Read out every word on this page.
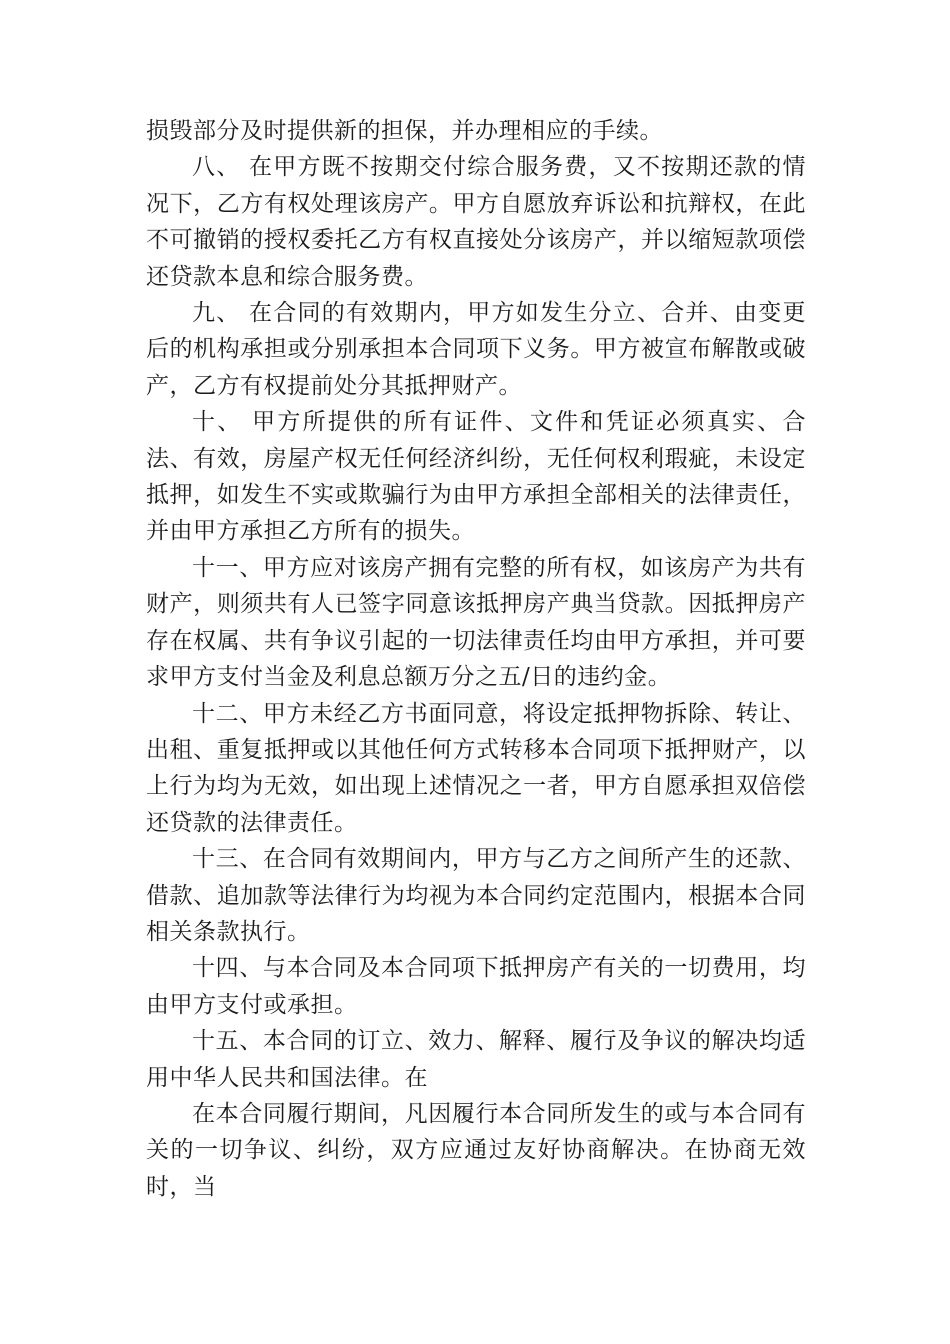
损毁部分及时提供新的担保，并办理相应的手续。

八、 在甲方既不按期交付综合服务费，又不按期还款的情况下，乙方有权处理该房产。甲方自愿放弃诉讼和抗辩权，在此不可撤销的授权委托乙方有权直接处分该房产，并以缩短款项偿还贷款本息和综合服务费。

九、 在合同的有效期内，甲方如发生分立、合并、由变更后的机构承担或分别承担本合同项下义务。甲方被宣布解散或破产，乙方有权提前处分其抵押财产。

十、 甲方所提供的所有证件、文件和凭证必须真实、合法、有效，房屋产权无任何经济纠纷，无任何权利瑕疵，未设定抵押，如发生不实或欺骗行为由甲方承担全部相关的法律责任，并由甲方承担乙方所有的损失。

十一、甲方应对该房产拥有完整的所有权，如该房产为共有财产，则须共有人已签字同意该抵押房产典当贷款。因抵押房产存在权属、共有争议引起的一切法律责任均由甲方承担，并可要求甲方支付当金及利息总额万分之五/日的违约金。

十二、甲方未经乙方书面同意，将设定抵押物拆除、转让、出租、重复抵押或以其他任何方式转移本合同项下抵押财产，以上行为均为无效，如出现上述情况之一者，甲方自愿承担双倍偿还贷款的法律责任。

十三、在合同有效期间内，甲方与乙方之间所产生的还款、借款、追加款等法律行为均视为本合同约定范围内，根据本合同相关条款执行。

十四、与本合同及本合同项下抵押房产有关的一切费用，均由甲方支付或承担。

十五、本合同的订立、效力、解释、履行及争议的解决均适用中华人民共和国法律。在

在本合同履行期间，凡因履行本合同所发生的或与本合同有关的一切争议、纠纷，双方应通过友好协商解决。在协商无效时，当
